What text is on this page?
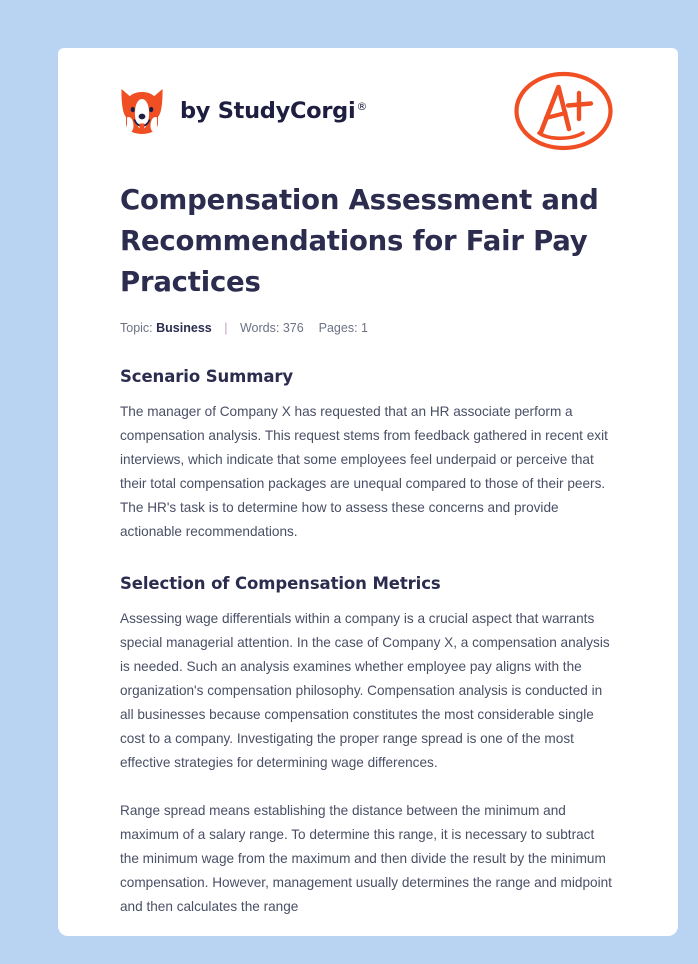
by StudyCorgi®
Compensation Assessment and Recommendations for Fair Pay Practices
Topic: Business | Words: 376 Pages: 1
Scenario Summary

The manager of Company X has requested that an HR associate perform a compensation analysis. This request stems from feedback gathered in recent exit interviews, which indicate that some employees feel underpaid or perceive that their total compensation packages are unequal compared to those of their peers. The HR's task is to determine how to assess these concerns and provide actionable recommendations.

Selection of Compensation Metrics

Assessing wage differentials within a company is a crucial aspect that warrants special managerial attention. In the case of Company X, a compensation analysis is needed. Such an analysis examines whether employee pay aligns with the organization's compensation philosophy. Compensation analysis is conducted in all businesses because compensation constitutes the most considerable single cost to a company. Investigating the proper range spread is one of the most effective strategies for determining wage differences.

Range spread means establishing the distance between the minimum and maximum of a salary range. To determine this range, it is necessary to subtract the minimum wage from the maximum and then divide the result by the minimum compensation. However, management usually determines the range and midpoint and then calculates the range
